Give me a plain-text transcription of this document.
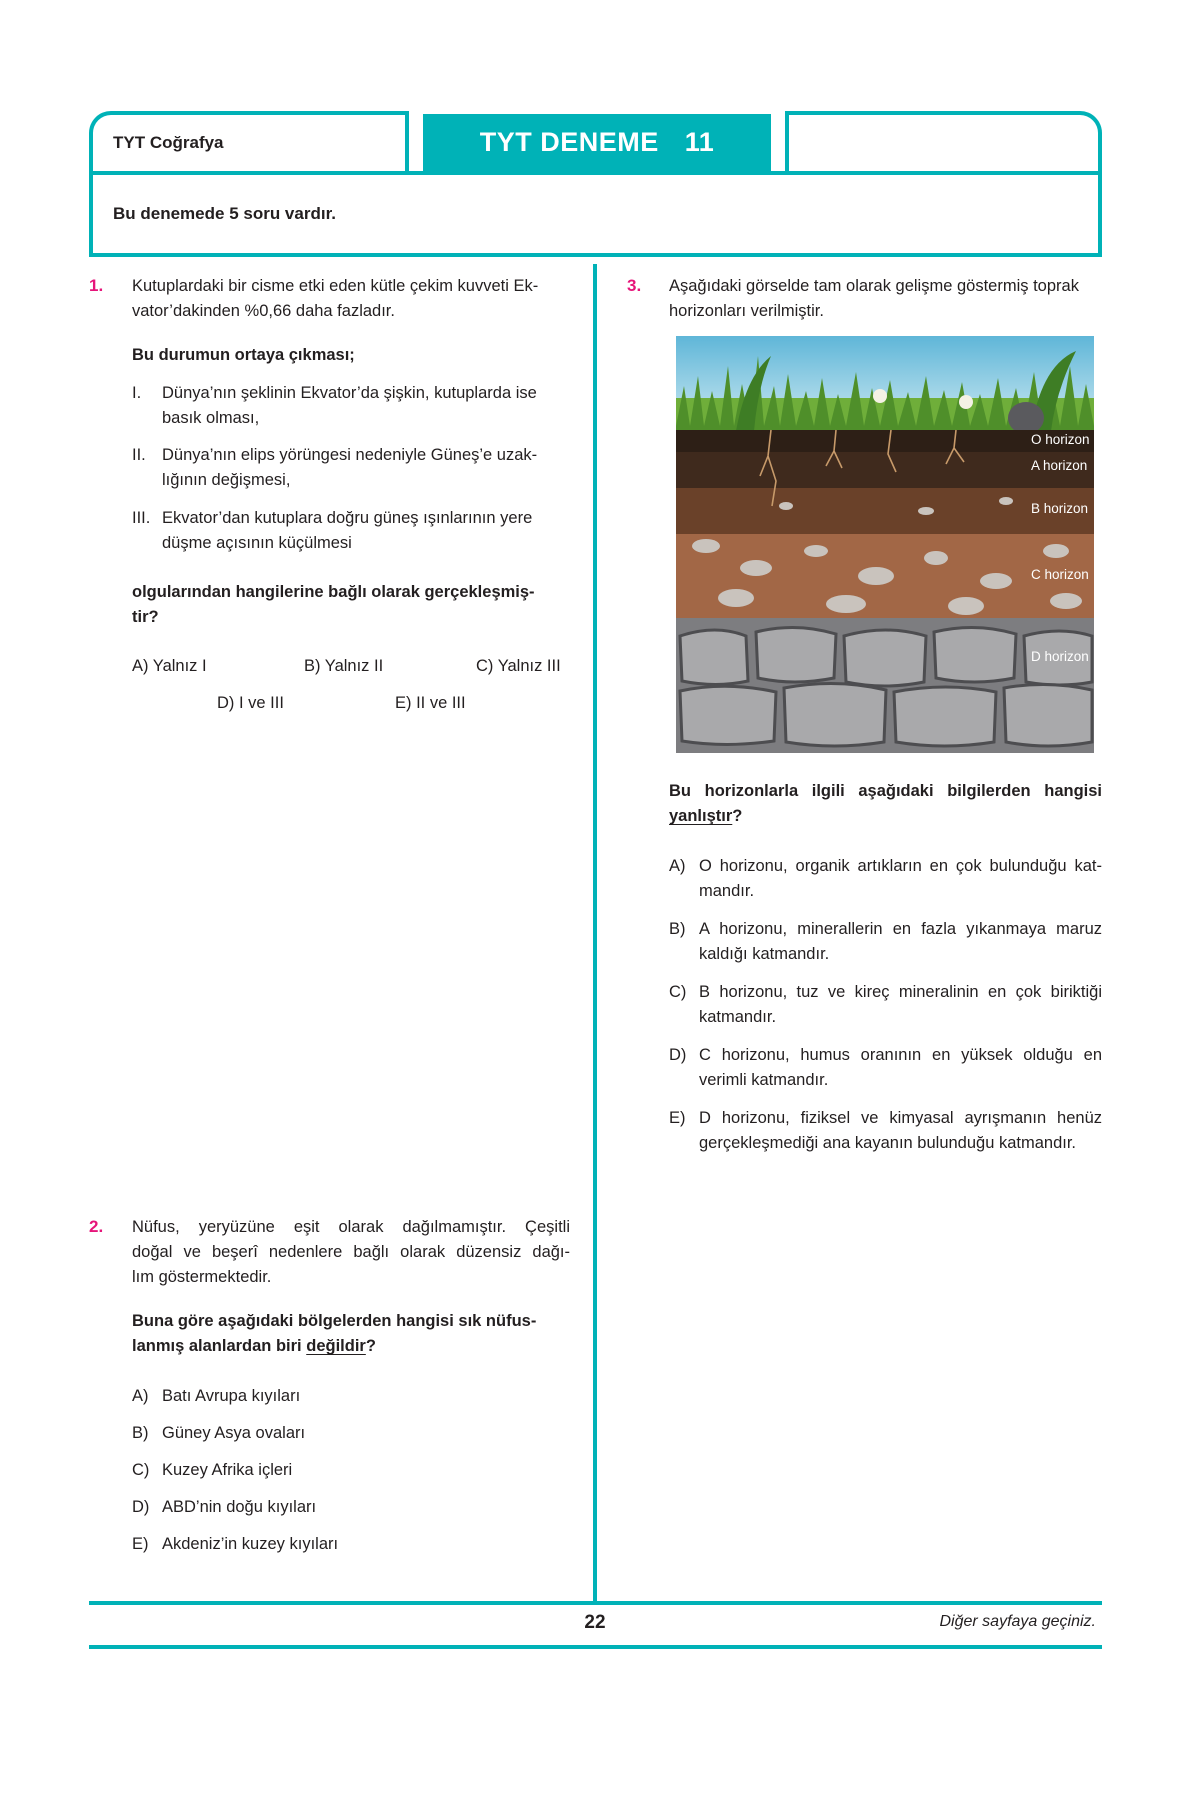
TYT Coğrafya	TYT DENEME 11
Bu denemede 5 soru vardır.
1. Kutuplardaki bir cisme etki eden kütle çekim kuvveti Ek-
vator’dakinden %0,66 daha fazladır.
Bu durumun ortaya çıkması;
I. Dünya’nın şeklinin Ekvator’da şişkin, kutuplarda ise
basık olması,
II. Dünya’nın elips yörüngesi nedeniyle Güneş’e uzak-
lığının değişmesi,
III. Ekvator’dan kutuplara doğru güneş ışınlarının yere
düşme açısının küçülmesi
olgularından hangilerine bağlı olarak gerçekleşmiş-
tir?
A) Yalnız I	B) Yalnız II	C) Yalnız III
D) I ve III	E) II ve III
2. Nüfus, yeryüzüne eşit olarak dağılmamıştır. Çeşitli
doğal ve beşerî nedenlere bağlı olarak düzensiz dağı-
lım göstermektedir.
Buna göre aşağıdaki bölgelerden hangisi sık nüfus-
lanmış alanlardan biri değildir?
A) Batı Avrupa kıyıları
B) Güney Asya ovaları
C) Kuzey Afrika içleri
D) ABD’nin doğu kıyıları
E) Akdeniz’in kuzey kıyıları
3. Aşağıdaki görselde tam olarak gelişme göstermiş toprak
horizonları verilmiştir.
O horizon
A horizon
B horizon
C horizon
D horizon
Bu horizonlarla ilgili aşağıdaki bilgilerden hangisi
yanlıştır?
A) O horizonu, organik artıkların en çok bulunduğu kat-
mandır.
B) A horizonu, minerallerin en fazla yıkanmaya maruz
kaldığı katmandır.
C) B horizonu, tuz ve kireç mineralinin en çok biriktiği
katmandır.
D) C horizonu, humus oranının en yüksek olduğu en
verimli katmandır.
E) D horizonu, fiziksel ve kimyasal ayrışmanın henüz
gerçekleşmediği ana kayanın bulunduğu katmandır.
22	Diğer sayfaya geçiniz.
